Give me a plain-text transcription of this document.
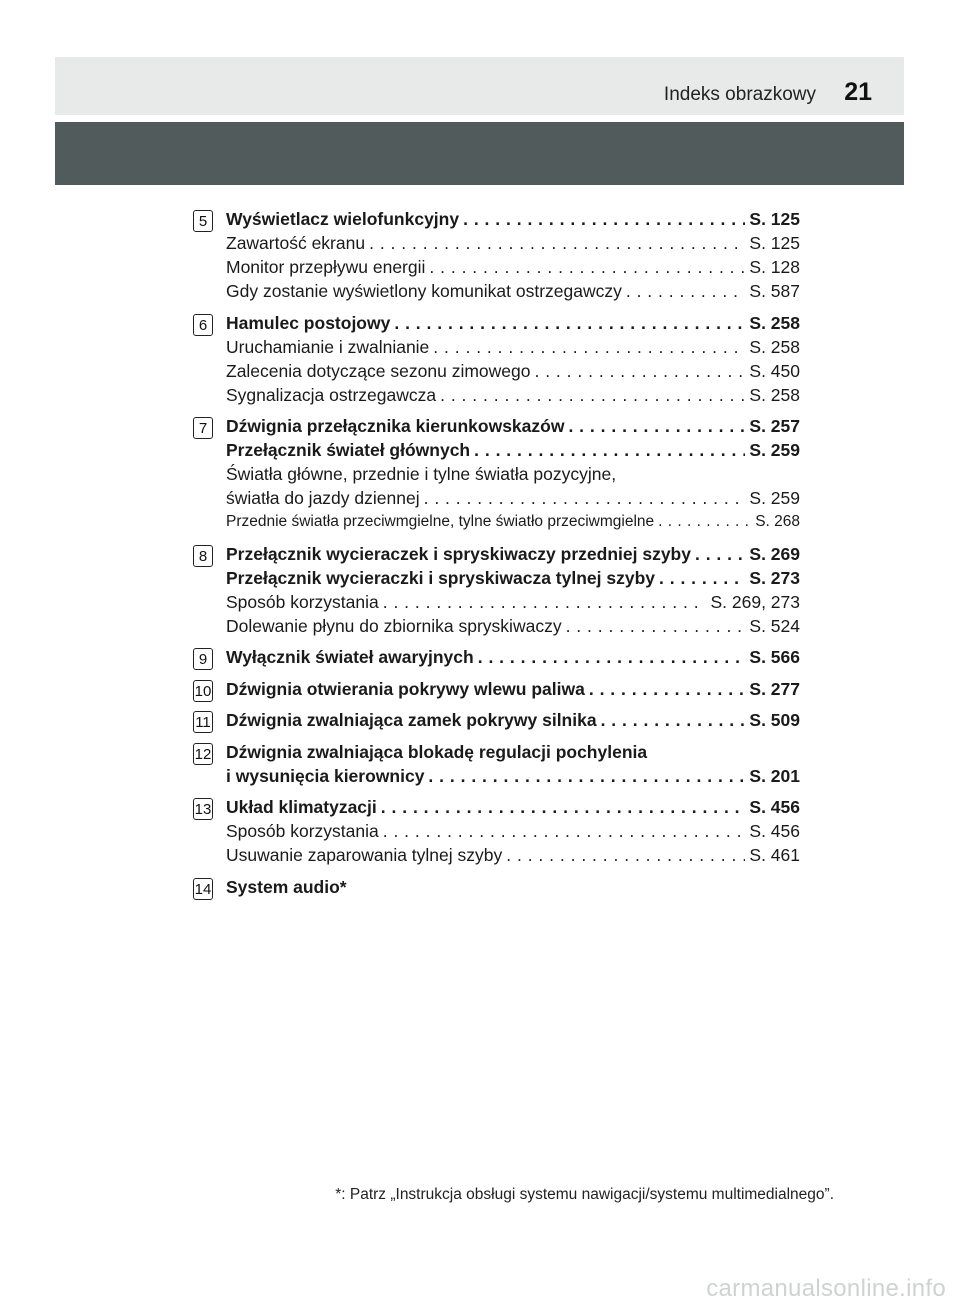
Indeks obrazkowy 21
5	Wyświetlacz wielofunkcyjny . . .	S. 125
Zawartość ekranu . . .	S. 125
Monitor przepływu energii . . .	S. 128
Gdy zostanie wyświetlony komunikat ostrzegawczy . . .	S. 587
6	Hamulec postojowy . . .	S. 258
Uruchamianie i zwalnianie . . .	S. 258
Zalecenia dotyczące sezonu zimowego . . .	S. 450
Sygnalizacja ostrzegawcza . . .	S. 258
7	Dźwignia przełącznika kierunkowskazów . . .	S. 257
Przełącznik świateł głównych . . .	S. 259
Światła główne, przednie i tylne światła pozycyjne,
światła do jazdy dziennej . . .	S. 259
Przednie światła przeciwmgielne, tylne światło przeciwmgielne . . .	S. 268
8	Przełącznik wycieraczek i spryskiwaczy przedniej szyby . . .	S. 269
Przełącznik wycieraczki i spryskiwacza tylnej szyby . . .	S. 273
Sposób korzystania . . .	S. 269, 273
Dolewanie płynu do zbiornika spryskiwaczy . . .	S. 524
9	Wyłącznik świateł awaryjnych . . .	S. 566
10 Dźwignia otwierania pokrywy wlewu paliwa . . .	S. 277
11 Dźwignia zwalniająca zamek pokrywy silnika . . .	S. 509
12 Dźwignia zwalniająca blokadę regulacji pochylenia
i wysunięcia kierownicy . . .	S. 201
13 Układ klimatyzacji . . .	S. 456
Sposób korzystania . . .	S. 456
Usuwanie zaparowania tylnej szyby . . .	S. 461
14 System audio*
*: Patrz „Instrukcja obsługi systemu nawigacji/systemu multimedialnego”.
carmanualsonline.info
